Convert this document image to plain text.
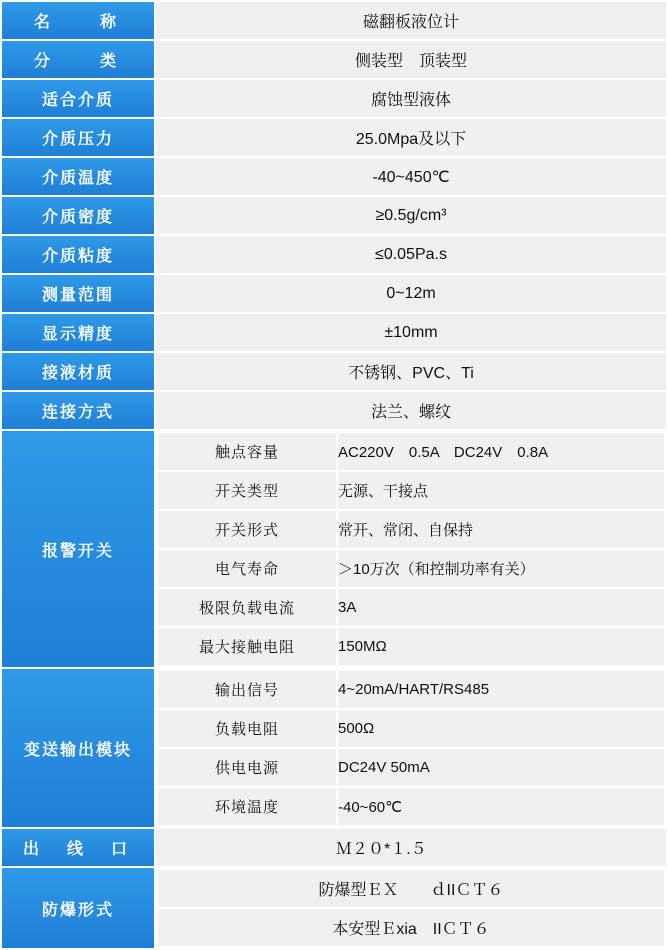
名　　称	磁翻板液位计
分　　类	侧装型　顶装型
适合介质	腐蚀型液体
介质压力	25.0Mpa及以下
介质温度	-40~450℃
介质密度	≥0.5g/cm³
介质粘度	≤0.05Pa.s
测量范围	0~12m
显示精度	±10mm
接液材质	不锈钢、PVC、Ti
连接方式	法兰、螺纹
报警开关	
触点容量	AC220V　0.5A　DC24V　0.8A
开关类型	无源、干接点
开关形式	常开、常闭、自保持
电气寿命	＞10万次（和控制功率有关）
极限负载电流	3A
最大接触电阻	150MΩ

变送输出模块	
输出信号	4~20mA/HART/RS485
负载电阻	500Ω
供电电源	DC24V 50mA
环境温度	-40~60℃

出　线　口	Ｍ２０*１.５
防爆形式	
防爆型ＥＸ　　ｄIIＣＴ６
本安型Ｅxia　IIＣＴ６
